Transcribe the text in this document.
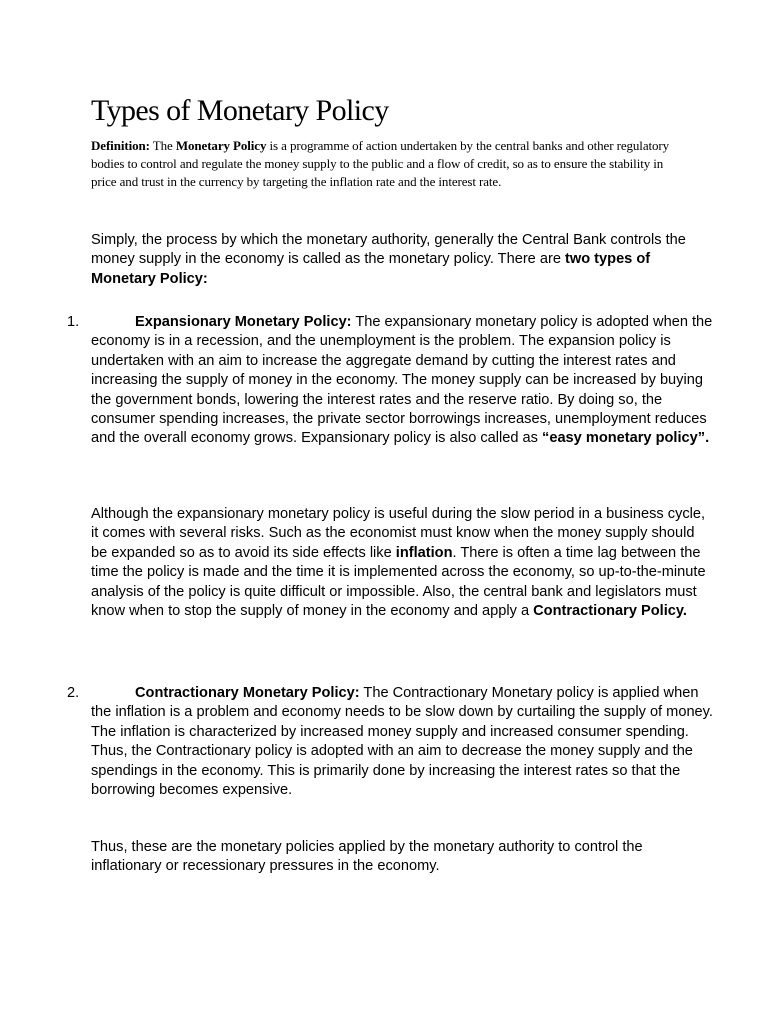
Types of Monetary Policy

Definition: The Monetary Policy is a programme of action undertaken by the central banks and other regulatory bodies to control and regulate the money supply to the public and a flow of credit, so as to ensure the stability in price and trust in the currency by targeting the inflation rate and the interest rate.

Simply, the process by which the monetary authority, generally the Central Bank controls the money supply in the economy is called as the monetary policy. There are two types of Monetary Policy:

1.	Expansionary Monetary Policy: The expansionary monetary policy is adopted when the economy is in a recession, and the unemployment is the problem. The expansion policy is undertaken with an aim to increase the aggregate demand by cutting the interest rates and increasing the supply of money in the economy. The money supply can be increased by buying the government bonds, lowering the interest rates and the reserve ratio. By doing so, the consumer spending increases, the private sector borrowings increases, unemployment reduces and the overall economy grows. Expansionary policy is also called as “easy monetary policy”.

Although the expansionary monetary policy is useful during the slow period in a business cycle, it comes with several risks. Such as the economist must know when the money supply should be expanded so as to avoid its side effects like inflation. There is often a time lag between the time the policy is made and the time it is implemented across the economy, so up-to-the-minute analysis of the policy is quite difficult or impossible. Also, the central bank and legislators must know when to stop the supply of money in the economy and apply a Contractionary Policy.

2.	Contractionary Monetary Policy: The Contractionary Monetary policy is applied when the inflation is a problem and economy needs to be slow down by curtailing the supply of money. The inflation is characterized by increased money supply and increased consumer spending. Thus, the Contractionary policy is adopted with an aim to decrease the money supply and the spendings in the economy. This is primarily done by increasing the interest rates so that the borrowing becomes expensive.

Thus, these are the monetary policies applied by the monetary authority to control the inflationary or recessionary pressures in the economy.
